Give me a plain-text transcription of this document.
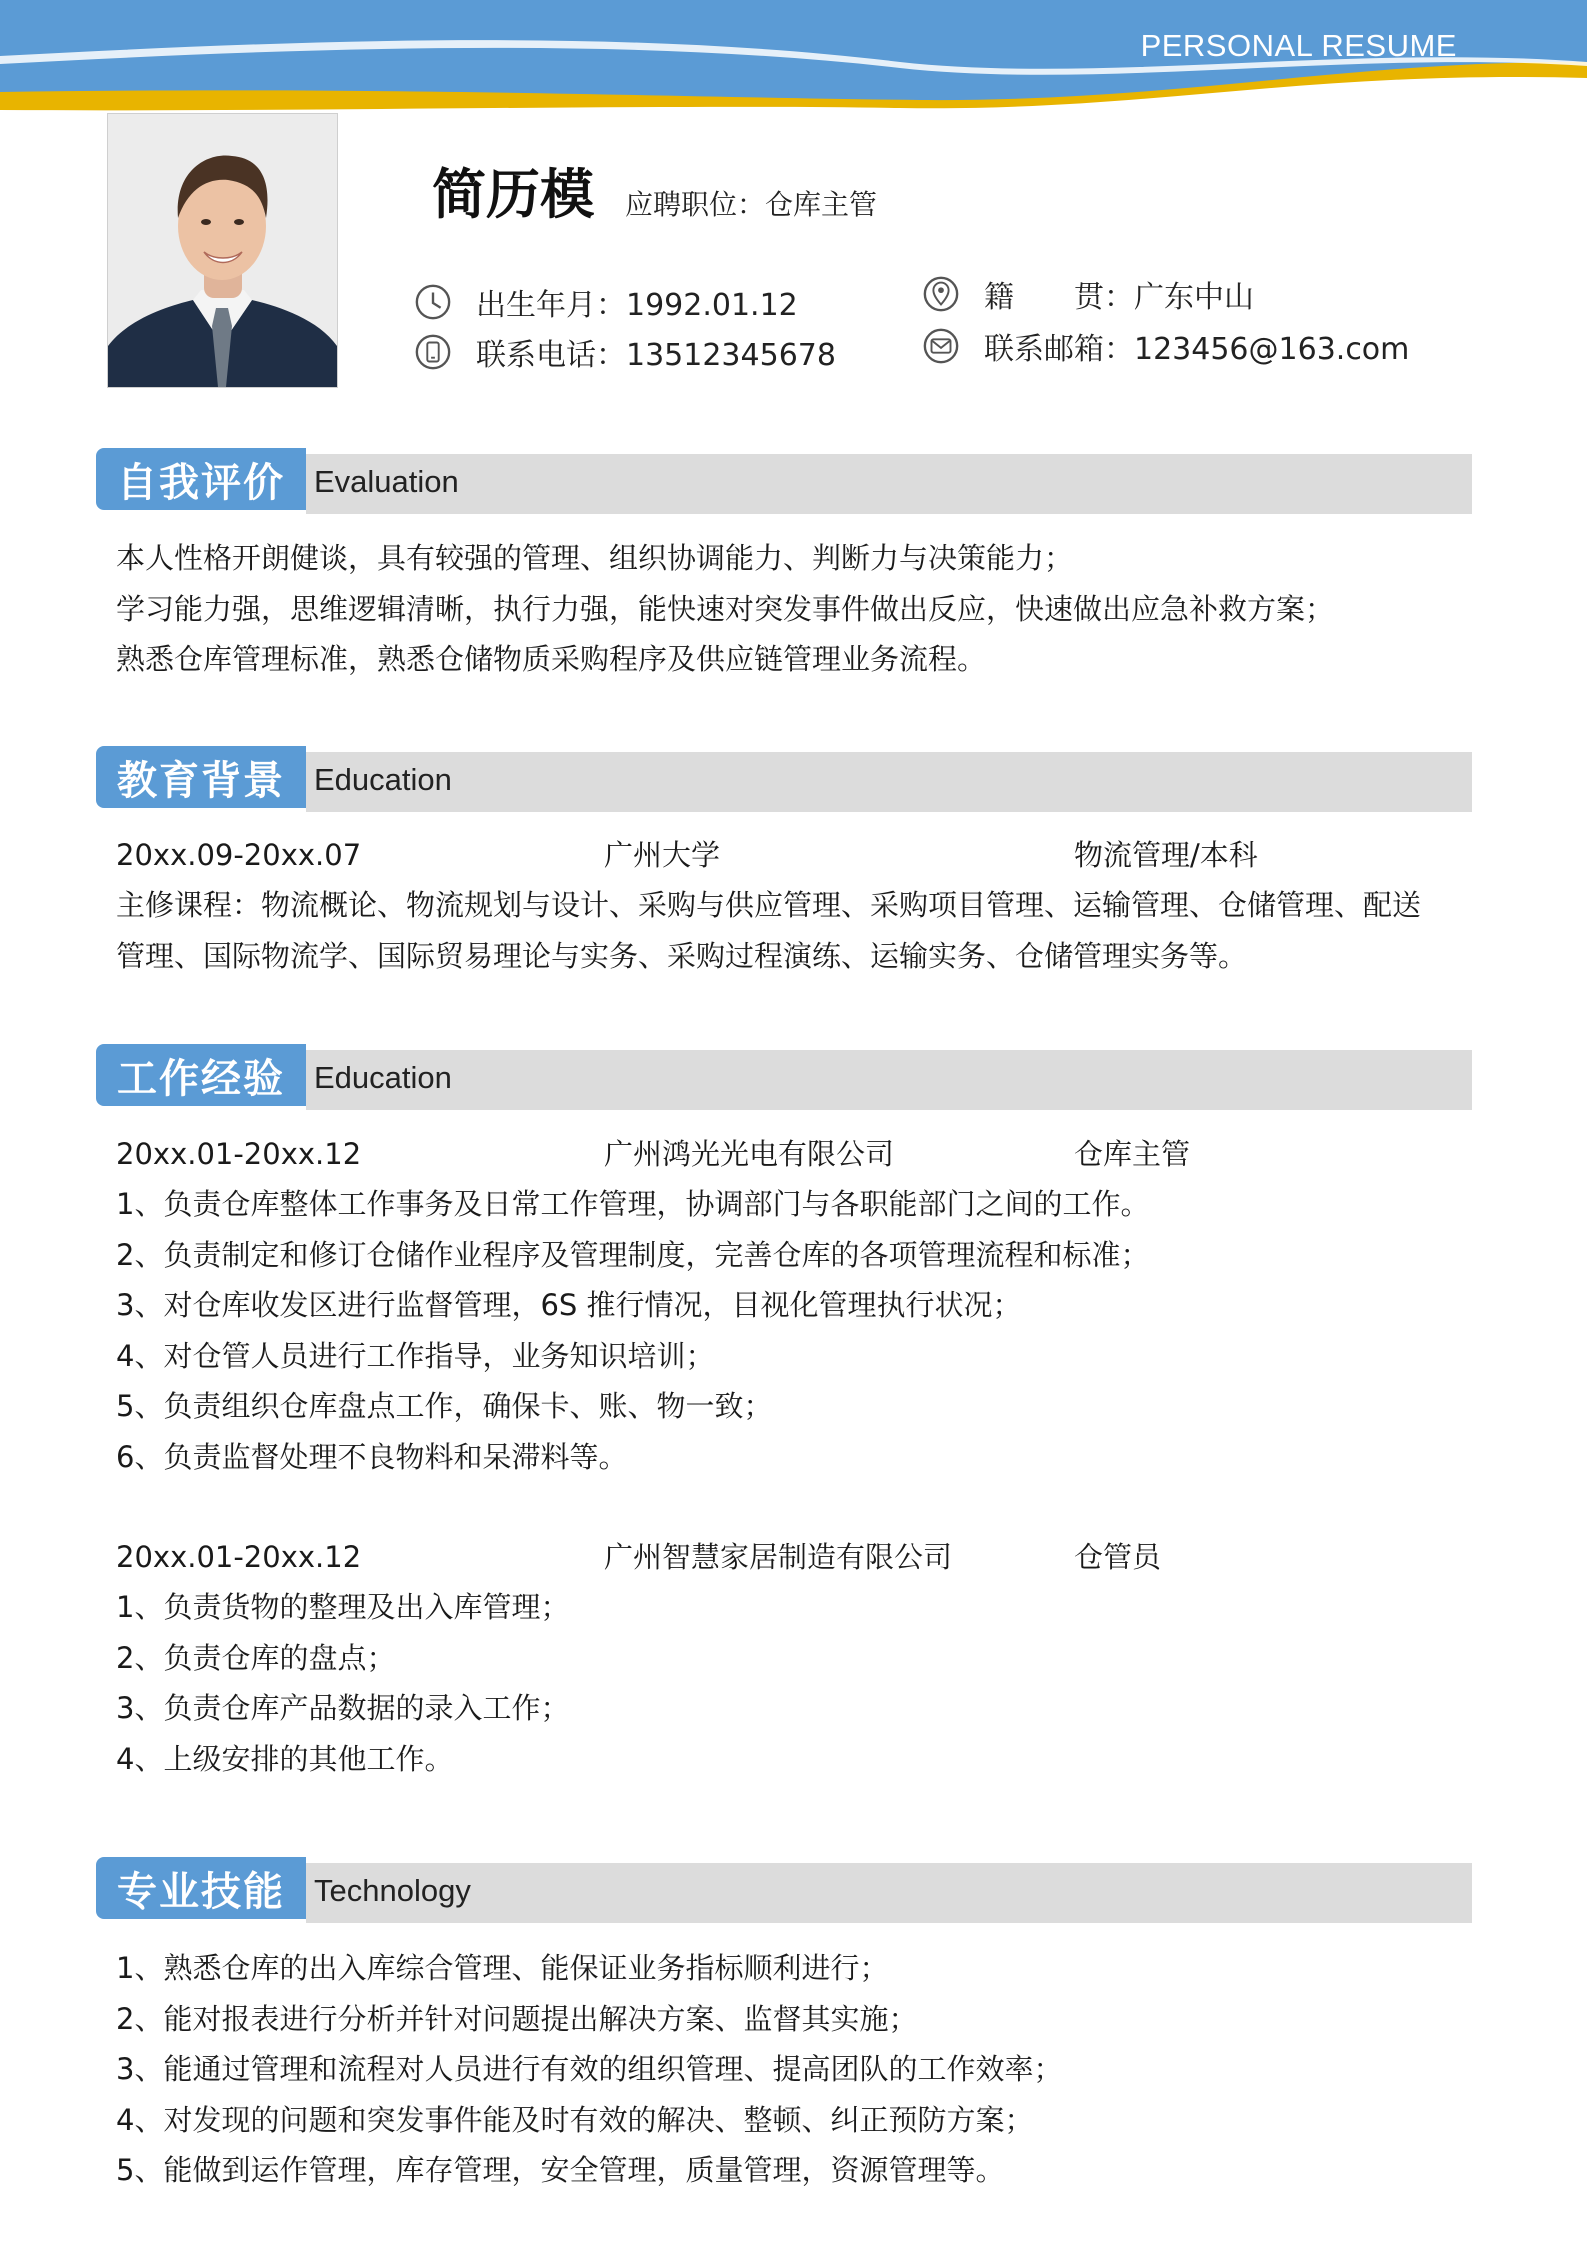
PERSONAL RESUME
简历模 应聘职位：仓库主管
出生年月：1992.01.12
联系电话：13512345678
籍　　贯：广东中山
联系邮箱：123456@163.com
自我评价 Evaluation

本人性格开朗健谈，具有较强的管理、组织协调能力、判断力与决策能力；

学习能力强，思维逻辑清晰，执行力强，能快速对突发事件做出反应，快速做出应急补救方案；

熟悉仓库管理标准，熟悉仓储物质采购程序及供应链管理业务流程。

教育背景 Education
20xx.09-20xx.07	广州大学	物流管理/本科

主修课程：物流概论、物流规划与设计、采购与供应管理、采购项目管理、运输管理、仓储管理、配送

管理、国际物流学、国际贸易理论与实务、采购过程演练、运输实务、仓储管理实务等。

工作经验 Education
20xx.01-20xx.12	广州鸿光光电有限公司	仓库主管

1、负责仓库整体工作事务及日常工作管理，协调部门与各职能部门之间的工作。

2、负责制定和修订仓储作业程序及管理制度，完善仓库的各项管理流程和标准；

3、对仓库收发区进行监督管理，6S 推行情况，目视化管理执行状况；

4、对仓管人员进行工作指导，业务知识培训；

5、负责组织仓库盘点工作，确保卡、账、物一致；

6、负责监督处理不良物料和呆滞料等。

20xx.01-20xx.12	广州智慧家居制造有限公司	仓管员

1、负责货物的整理及出入库管理；

2、负责仓库的盘点；

3、负责仓库产品数据的录入工作；

4、上级安排的其他工作。

专业技能 Technology

1、熟悉仓库的出入库综合管理、能保证业务指标顺利进行；

2、能对报表进行分析并针对问题提出解决方案、监督其实施；

3、能通过管理和流程对人员进行有效的组织管理、提高团队的工作效率；

4、对发现的问题和突发事件能及时有效的解决、整顿、纠正预防方案；

5、能做到运作管理，库存管理，安全管理，质量管理，资源管理等。
